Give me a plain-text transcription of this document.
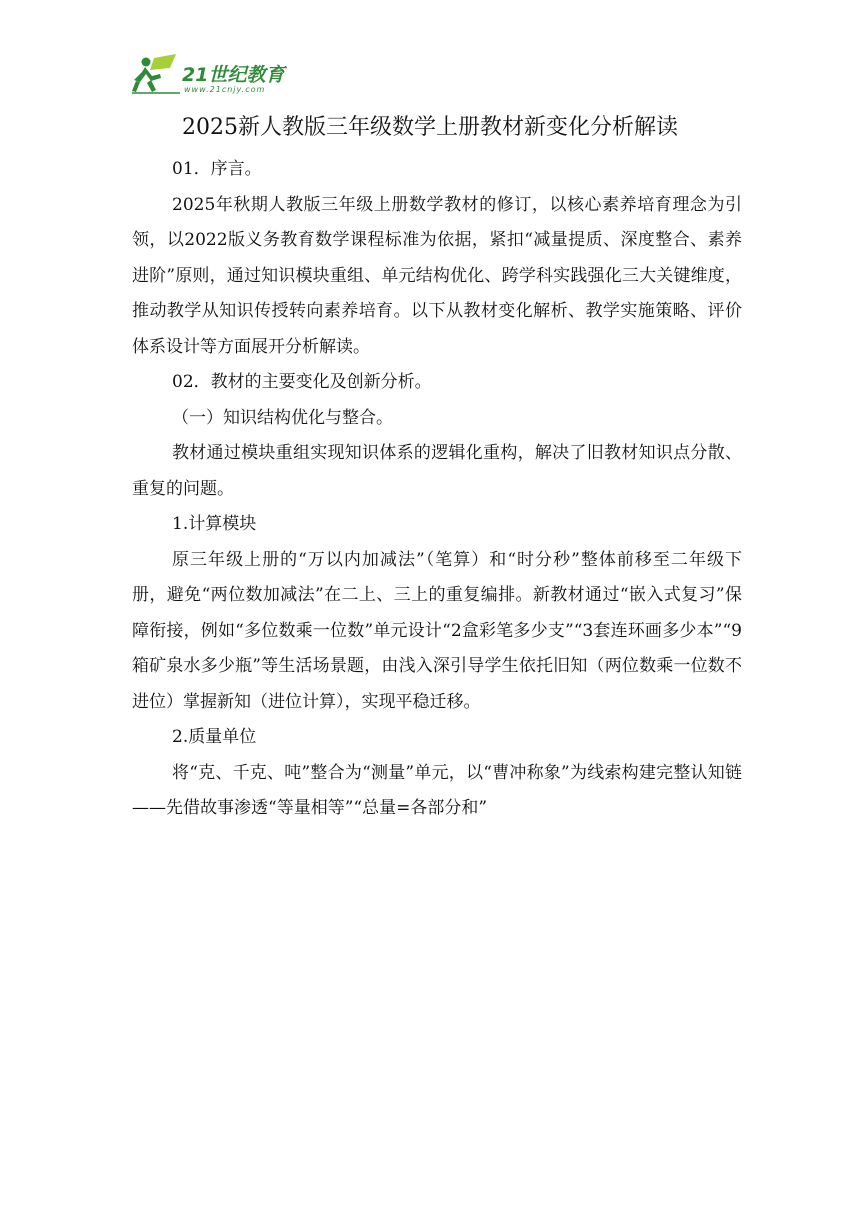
21世纪教育
www.21cnjy.com
2025新人教版三年级数学上册教材新变化分析解读

01．序言。

2025年秋期人教版三年级上册数学教材的修订，以核心素养培育理念为引领，以2022版义务教育数学课程标准为依据，紧扣“减量提质、深度整合、素养进阶”原则，通过知识模块重组、单元结构优化、跨学科实践强化三大关键维度，推动教学从知识传授转向素养培育。以下从教材变化解析、教学实施策略、评价体系设计等方面展开分析解读。

02．教材的主要变化及创新分析。

（一）知识结构优化与整合。

教材通过模块重组实现知识体系的逻辑化重构，解决了旧教材知识点分散、重复的问题。

1.计算模块

原三年级上册的“万以内加减法”（笔算）和“时分秒”整体前移至二年级下册，避免“两位数加减法”在二上、三上的重复编排。新教材通过“嵌入式复习”保障衔接，例如“多位数乘一位数”单元设计“2盒彩笔多少支”“3套连环画多少本”“9箱矿泉水多少瓶”等生活场景题，由浅入深引导学生依托旧知（两位数乘一位数不进位）掌握新知（进位计算），实现平稳迁移。

2.质量单位

将“克、千克、吨”整合为“测量”单元，以“曹冲称象”为线索构建完整认知链——先借故事渗透“等量相等”“总量=各部分和”
